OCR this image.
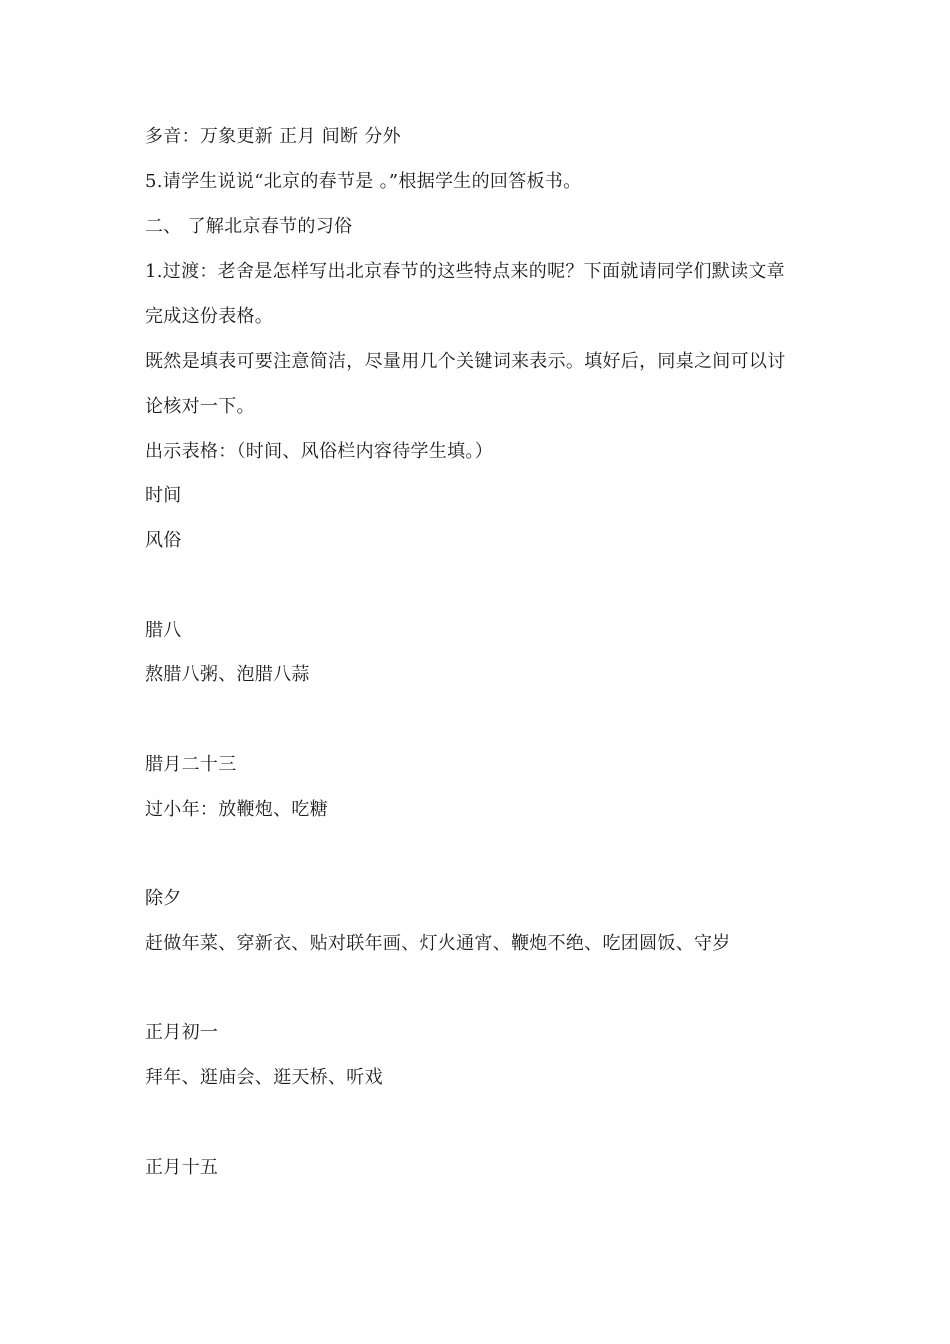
多音：万象更新 正月 间断 分外
5.请学生说说“北京的春节是 。”根据学生的回答板书。
二、 了解北京春节的习俗
1.过渡：老舍是怎样写出北京春节的这些特点来的呢？下面就请同学们默读文章
完成这份表格。
既然是填表可要注意简洁，尽量用几个关键词来表示。填好后，同桌之间可以讨
论核对一下。
出示表格：（时间、风俗栏内容待学生填。）
时间
风俗
腊八
熬腊八粥、泡腊八蒜
腊月二十三
过小年：放鞭炮、吃糖
除夕
赶做年菜、穿新衣、贴对联年画、灯火通宵、鞭炮不绝、吃团圆饭、守岁
正月初一
拜年、逛庙会、逛天桥、听戏
正月十五
